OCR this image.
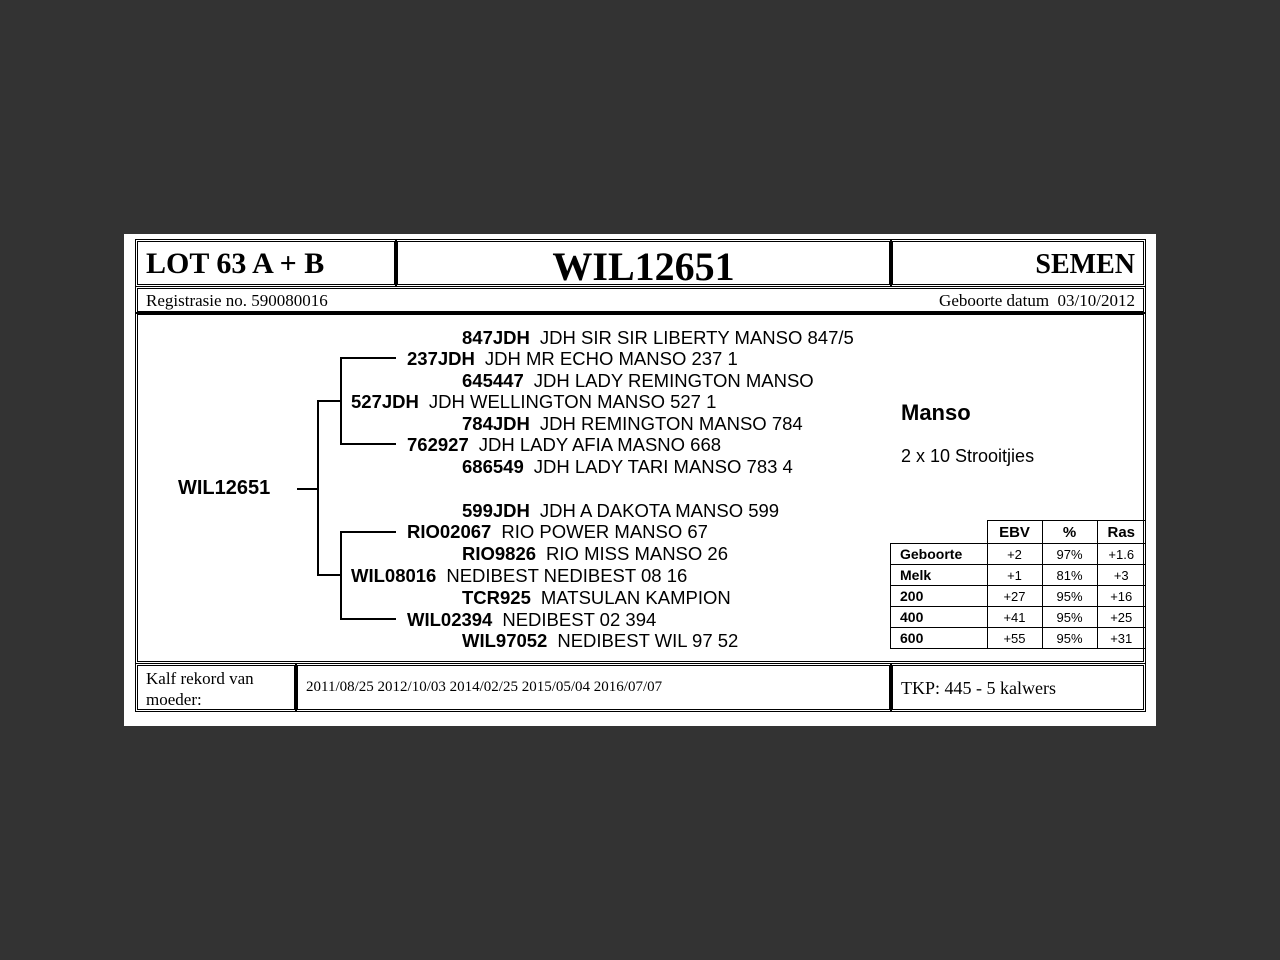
LOT 63 A + B	WIL12651	SEMEN
Registrasie no. 590080016	Geboorte datum  03/10/2012
WIL12651
847JDH JDH SIR SIR LIBERTY MANSO 847/5
237JDH JDH MR ECHO MANSO 237 1
645447 JDH LADY REMINGTON MANSO
527JDH JDH WELLINGTON MANSO 527 1
784JDH JDH REMINGTON MANSO 784
762927 JDH LADY AFIA MASNO 668
686549 JDH LADY TARI MANSO 783 4
599JDH JDH A DAKOTA MANSO 599
RIO02067 RIO POWER MANSO 67
RIO9826 RIO MISS MANSO 26
WIL08016 NEDIBEST NEDIBEST 08 16
TCR925 MATSULAN KAMPION
WIL02394 NEDIBEST 02 394
WIL97052 NEDIBEST WIL 97 52
Manso
2 x 10 Strooitjies
	EBV	%	Ras
Geboorte	+2	97%	+1.6
Melk	+1	81%	+3
200	+27	95%	+16
400	+41	95%	+25
600	+55	95%	+31
Kalf rekord van moeder:
2011/08/25 2012/10/03 2014/02/25 2015/05/04 2016/07/07	TKP: 445 - 5 kalwers
